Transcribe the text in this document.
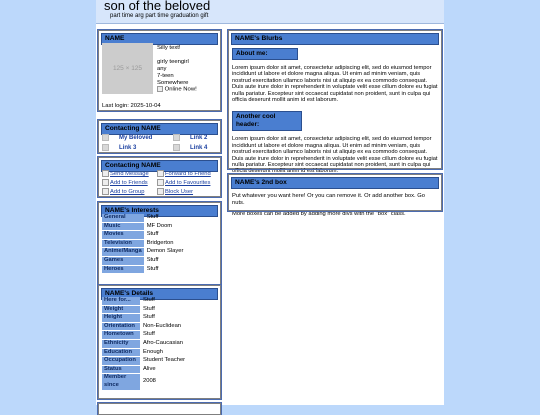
son of the beloved
part time arg part time graduation gift
NAME
125 × 125
Silly text!
girly teengirl
any
7-teen
Somewhere
Online Now!
Last login: 2025-10-04
Contacting NAME
My Beloved	Link 2
Link 3	Link 4
Contacting NAME
Send Message	Forward to Friend
Add to Friends	Add to Favourites
Add to Group	Block User
NAME's Interests
General	Stuff
Music	MF Doom
Movies	Stuff
Television	Bridgerton
Anime/Manga	Demon Slayer
Games	Stuff
Heroes	Stuff
NAME's Details
Here for...	Stuff
Weight	Stuff
Height	Stuff
Orientation	Non-Euclidean
Hometown	Stuff
Ethnicity	Afro-Caucasian
Education	Enough
Occupation	Student Teacher
Status	Alive
Member since	2008
NAME's Blurbs
About me:
Lorem ipsum dolor sit amet, consectetur adipiscing elit, sed do eiusmod tempor incididunt ut labore et dolore magna aliqua. Ut enim ad minim veniam, quis nostrud exercitation ullamco laboris nisi ut aliquip ex ea commodo consequat. Duis aute irure dolor in reprehenderit in voluptate velit esse cillum dolore eu fugiat nulla pariatur. Excepteur sint occaecat cupidatat non proident, sunt in culpa qui officia deserunt mollit anim id est laborum.
Another cool header:
Lorem ipsum dolor sit amet, consectetur adipiscing elit, sed do eiusmod tempor incididunt ut labore et dolore magna aliqua. Ut enim ad minim veniam, quis nostrud exercitation ullamco laboris nisi ut aliquip ex ea commodo consequat. Duis aute irure dolor in reprehenderit in voluptate velit esse cillum dolore eu fugiat nulla pariatur. Excepteur sint occaecat cupidatat non proident, sunt in culpa qui officia deserunt mollit anim id est laborum.
NAME's 2nd box
Put whatever you want here! Or you can remove it. Or add another box. Go nuts.
More boxes can be added by adding more divs with the "box" class.
